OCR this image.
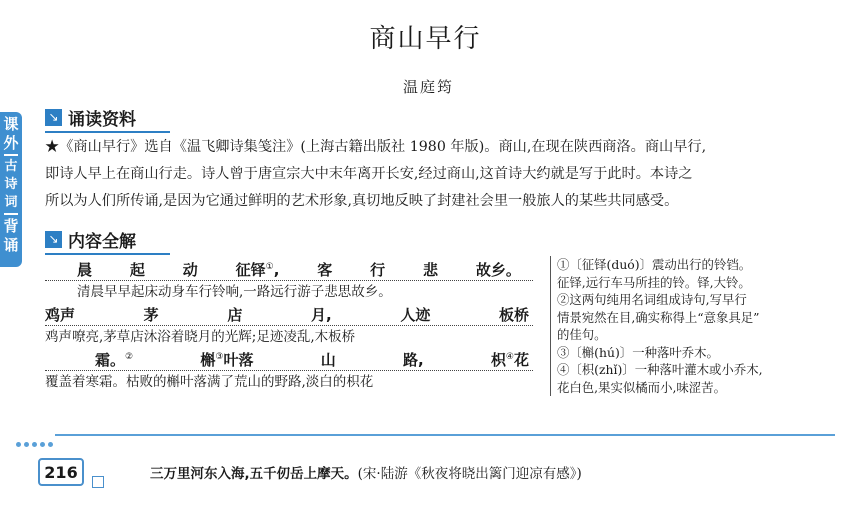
课
外
古
诗
词
背
诵
商山早行
温庭筠
↘ 诵读资料
★《商山早行》选自《温飞卿诗集笺注》(上海古籍出版社 1980 年版)。商山,在现在陕西商洛。商山早行,
即诗人早上在商山行走。诗人曾于唐宣宗大中末年离开长安,经过商山,这首诗大约就是写于此时。本诗之
所以为人们所传诵,是因为它通过鲜明的艺术形象,真切地反映了封建社会里一般旅人的某些共同感受。
↘ 内容全解
晨	起	动	征铎①,	客	行	悲	故乡。
清晨早早起床动身车行铃响,一路远行游子悲思故乡。
鸡声	茅	店	月,	人迹	板桥
鸡声嘹亮,茅草店沐浴着晓月的光辉;足迹凌乱,木板桥
霜。②	槲③叶落	山	路,	枳④花
覆盖着寒霜。枯败的槲叶落满了荒山的野路,淡白的枳花
①〔征铎(duó)〕震动出行的铃铛。
征铎,远行车马所挂的铃。铎,大铃。
②这两句纯用名词组成诗句,写早行
情景宛然在目,确实称得上“意象具足”
的佳句。
③〔槲(hú)〕一种落叶乔木。
④〔枳(zhǐ)〕一种落叶灌木或小乔木,
花白色,果实似橘而小,味涩苦。
216	三万里河东入海,五千仞岳上摩天。(宋·陆游《秋夜将晓出篱门迎凉有感》)
